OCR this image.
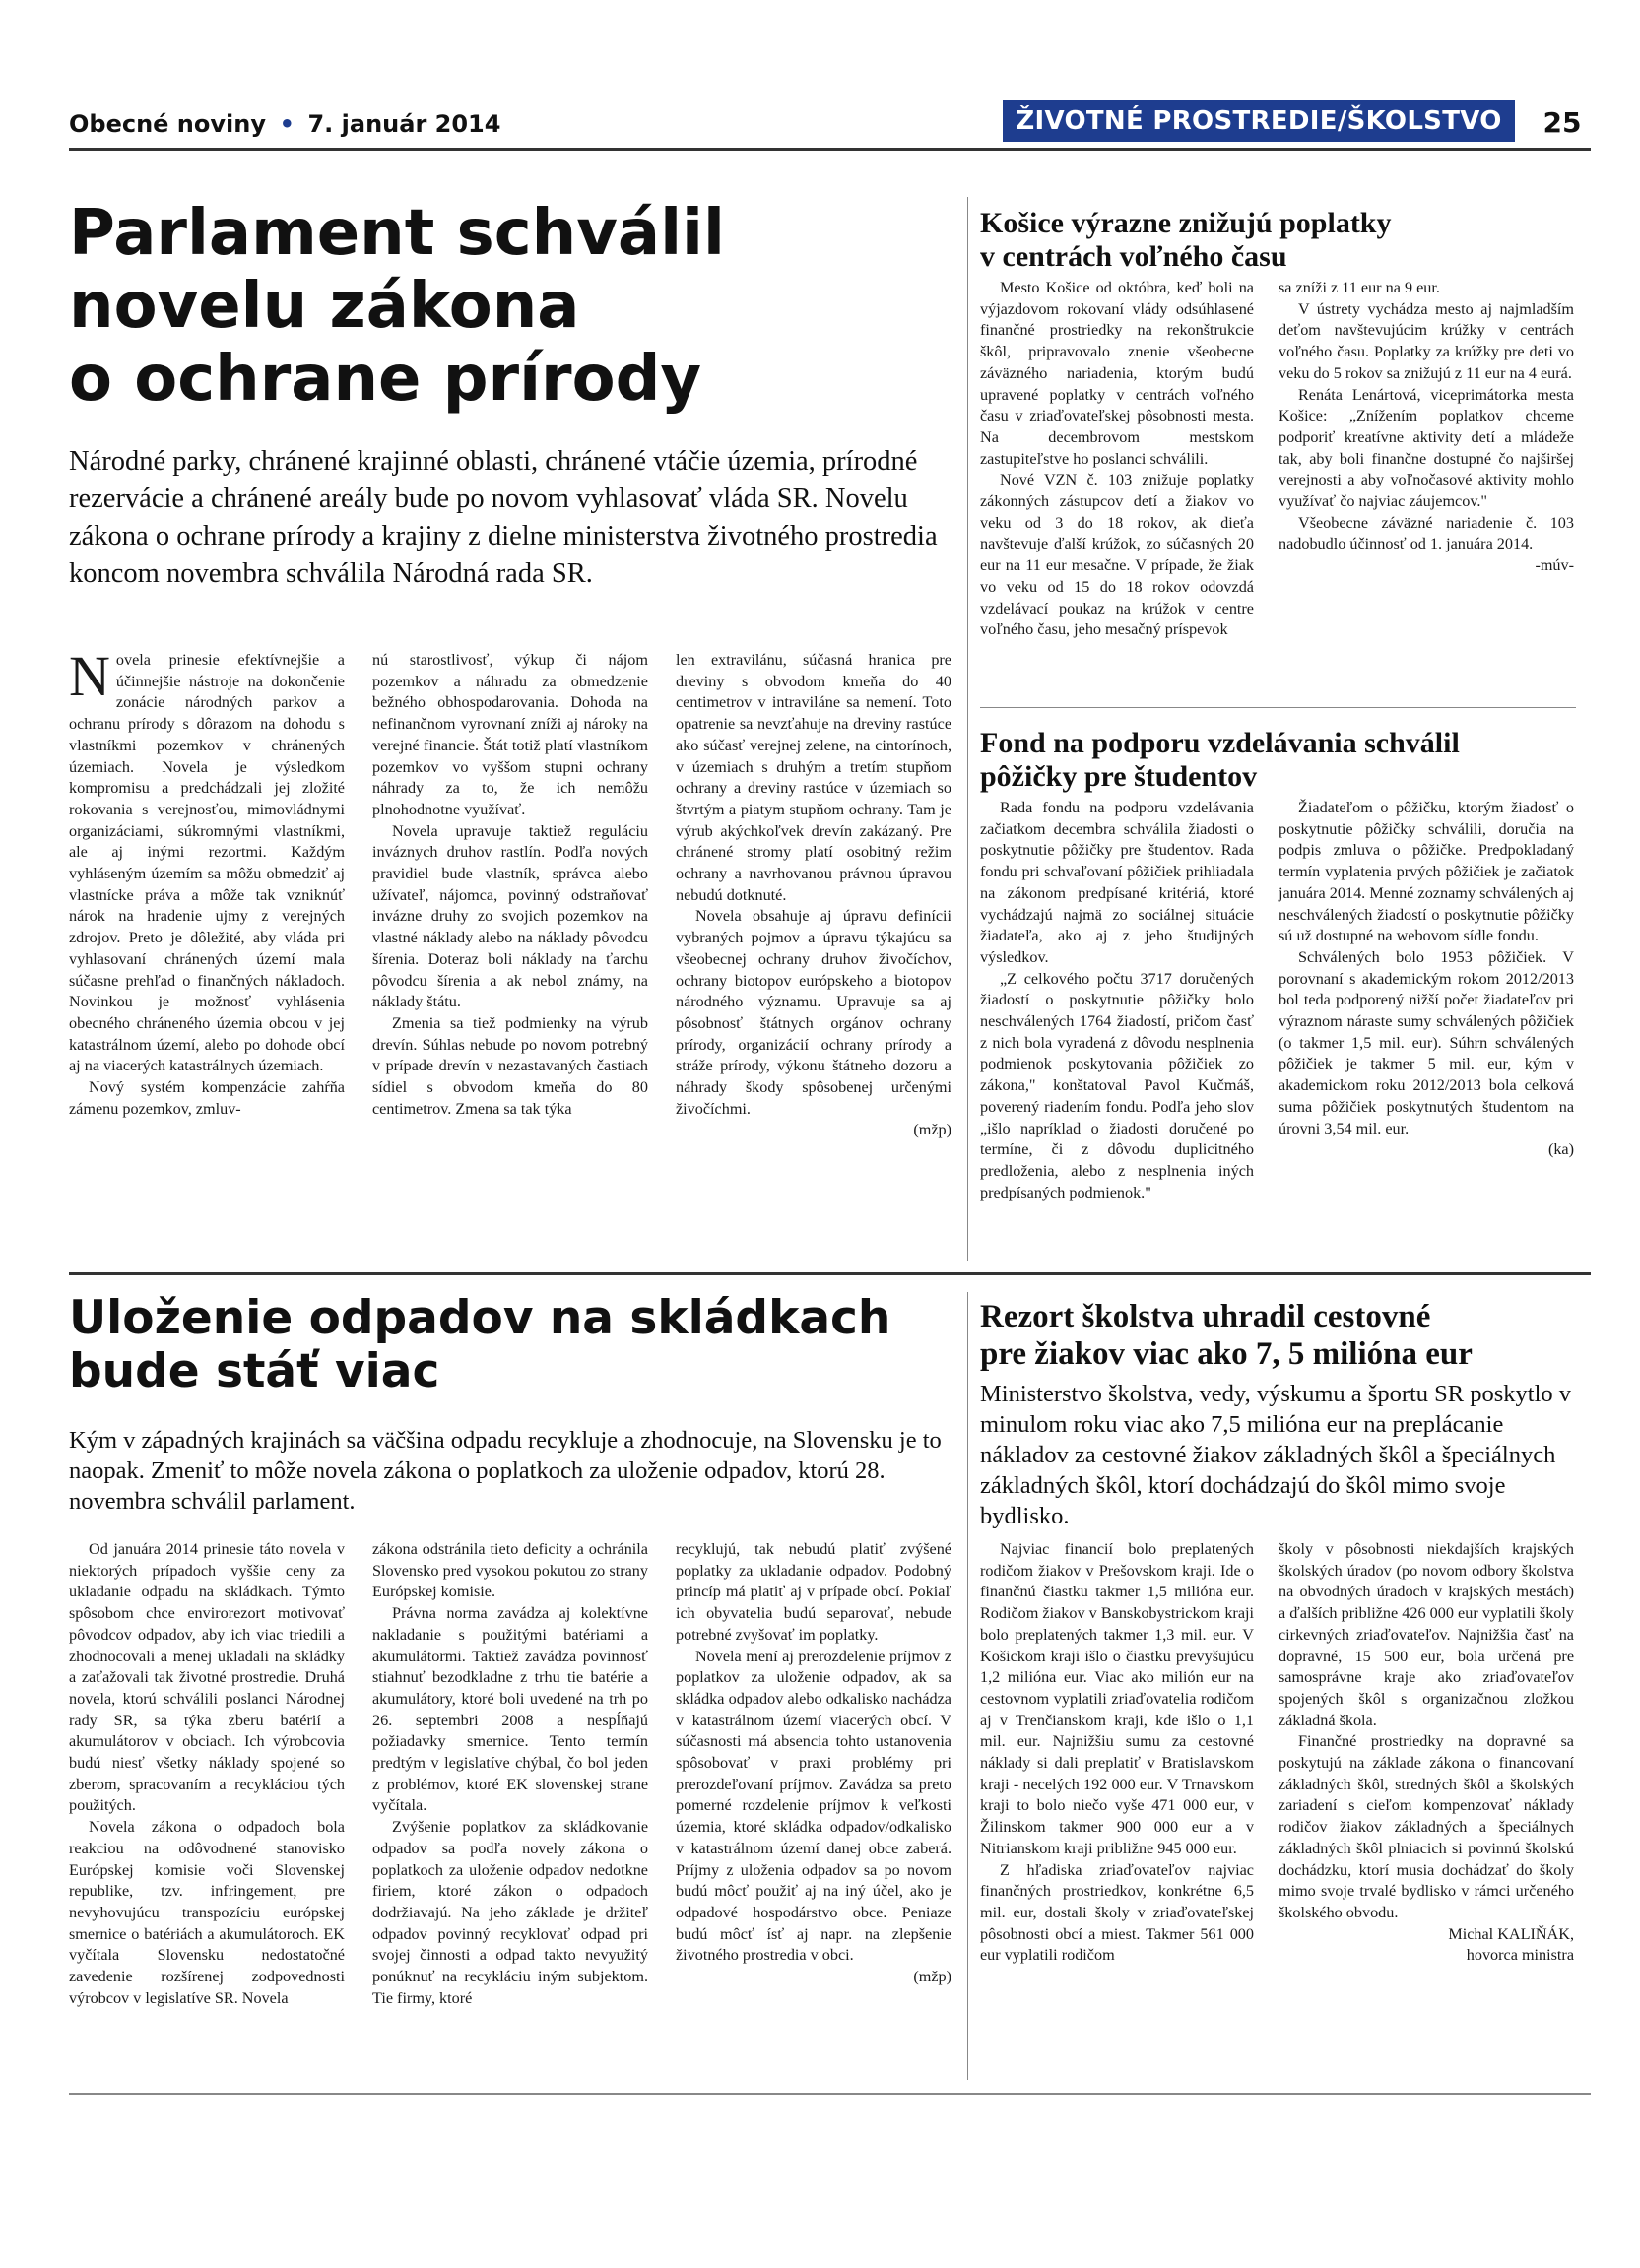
Obecné noviny • 7. január 2014	ŽIVOTNÉ PROSTREDIE/ŠKOLSTVO	25
Parlament schválil
novelu zákona
o ochrane prírody
Národné parky, chránené krajinné oblasti, chránené vtáčie územia, prírodné rezervácie a chránené areály bude po novom vyhlasovať vláda SR. Novelu zákona o ochrane prírody a krajiny z dielne ministerstva životného prostredia koncom novembra schválila Národná rada SR.

Novela prinesie efektívnejšie a účinnejšie nástroje na dokončenie zonácie národných parkov a ochranu prírody s dôrazom na dohodu s vlastníkmi pozemkov v chránených územiach. Novela je výsledkom kompromisu a predchádzali jej zložité rokovania s verejnosťou, mimovládnymi organizáciami, súkromnými vlastníkmi, ale aj inými rezortmi. Každým vyhláseným územím sa môžu obmedziť aj vlastnícke práva a môže tak vzniknúť nárok na hradenie ujmy z verejných zdrojov. Preto je dôležité, aby vláda pri vyhlasovaní chránených území mala súčasne prehľad o finančných nákladoch. Novinkou je možnosť vyhlásenia obecného chráneného územia obcou v jej katastrálnom území, alebo po dohode obcí aj na viacerých katastrálnych územiach.

Nový systém kompenzácie zahŕňa zámenu pozemkov, zmluv-

nú starostlivosť, výkup či nájom pozemkov a náhradu za obmedzenie bežného obhospodarovania. Dohoda na nefinančnom vyrovnaní zníži aj nároky na verejné financie. Štát totiž platí vlastníkom pozemkov vo vyššom stupni ochrany náhrady za to, že ich nemôžu plnohodnotne využívať.

Novela upravuje taktiež reguláciu inváznych druhov rastlín. Podľa nových pravidiel bude vlastník, správca alebo užívateľ, nájomca, povinný odstraňovať invázne druhy zo svojich pozemkov na vlastné náklady alebo na náklady pôvodcu šírenia. Doteraz boli náklady na ťarchu pôvodcu šírenia a ak nebol známy, na náklady štátu.

Zmenia sa tiež podmienky na výrub drevín. Súhlas nebude po novom potrebný v prípade drevín v nezastavaných častiach sídiel s obvodom kmeňa do 80 centimetrov. Zmena sa tak týka

len extravilánu, súčasná hranica pre dreviny s obvodom kmeňa do 40 centimetrov v intraviláne sa nemení. Toto opatrenie sa nevzťahuje na dreviny rastúce ako súčasť verejnej zelene, na cintorínoch, v územiach s druhým a tretím stupňom ochrany a dreviny rastúce v územiach so štvrtým a piatym stupňom ochrany. Tam je výrub akýchkoľvek drevín zakázaný. Pre chránené stromy platí osobitný režim ochrany a navrhovanou právnou úpravou nebudú dotknuté.

Novela obsahuje aj úpravu definícii vybraných pojmov a úpravu týkajúcu sa všeobecnej ochrany druhov živočíchov, ochrany biotopov európskeho a biotopov národného významu. Upravuje sa aj pôsobnosť štátnych orgánov ochrany prírody, organizácií ochrany prírody a stráže prírody, výkonu štátneho dozoru a náhrady škody spôsobenej určenými živočíchmi.

(mžp)

Košice výrazne znižujú poplatky
v centrách voľného času

Mesto Košice od októbra, keď boli na výjazdovom rokovaní vlády odsúhlasené finančné prostriedky na rekonštrukcie škôl, pripravovalo znenie všeobecne záväzného nariadenia, ktorým budú upravené poplatky v centrách voľného času v zriaďovateľskej pôsobnosti mesta. Na decembrovom mestskom zastupiteľstve ho poslanci schválili.

Nové VZN č. 103 znižuje poplatky zákonných zástupcov detí a žiakov vo veku od 3 do 18 rokov, ak dieťa navštevuje ďalší krúžok, zo súčasných 20 eur na 11 eur mesačne. V prípade, že žiak vo veku od 15 do 18 rokov odovzdá vzdelávací poukaz na krúžok v centre voľného času, jeho mesačný príspevok

sa zníži z 11 eur na 9 eur.

V ústrety vychádza mesto aj najmladším deťom navštevujúcim krúžky v centrách voľného času. Poplatky za krúžky pre deti vo veku do 5 rokov sa znižujú z 11 eur na 4 eurá.

Renáta Lenártová, viceprimátorka mesta Košice: „Znížením poplatkov chceme podporiť kreatívne aktivity detí a mládeže tak, aby boli finančne dostupné čo najširšej verejnosti a aby voľnočasové aktivity mohlo využívať čo najviac záujemcov."

Všeobecne záväzné nariadenie č. 103 nadobudlo účinnosť od 1. januára 2014.

-múv-

Fond na podporu vzdelávania schválil
pôžičky pre študentov

Rada fondu na podporu vzdelávania začiatkom decembra schválila žiadosti o poskytnutie pôžičky pre študentov. Rada fondu pri schvaľovaní pôžičiek prihliadala na zákonom predpísané kritériá, ktoré vychádzajú najmä zo sociálnej situácie žiadateľa, ako aj z jeho študijných výsledkov.

„Z celkového počtu 3717 doručených žiadostí o poskytnutie pôžičky bolo neschválených 1764 žiadostí, pričom časť z nich bola vyradená z dôvodu nesplnenia podmienok poskytovania pôžičiek zo zákona," konštatoval Pavol Kučmáš, poverený riadením fondu. Podľa jeho slov „išlo napríklad o žiadosti doručené po termíne, či z dôvodu duplicitného predloženia, alebo z nesplnenia iných predpísaných podmienok."

Žiadateľom o pôžičku, ktorým žiadosť o poskytnutie pôžičky schválili, doručia na podpis zmluva o pôžičke. Predpokladaný termín vyplatenia prvých pôžičiek je začiatok januára 2014. Menné zoznamy schválených aj neschválených žiadostí o poskytnutie pôžičky sú už dostupné na webovom sídle fondu.

Schválených bolo 1953 pôžičiek. V porovnaní s akademickým rokom 2012/2013 bol teda podporený nižší počet žiadateľov pri výraznom náraste sumy schválených pôžičiek (o takmer 1,5 mil. eur). Súhrn schválených pôžičiek je takmer 5 mil. eur, kým v akademickom roku 2012/2013 bola celková suma pôžičiek poskytnutých študentom na úrovni 3,54 mil. eur.

(ka)

Uloženie odpadov na skládkach
bude stáť viac
Kým v západných krajinách sa väčšina odpadu recykluje a zhodnocuje, na Slovensku je to naopak. Zmeniť to môže novela zákona o poplatkoch za uloženie odpadov, ktorú 28. novembra schválil parlament.

Od januára 2014 prinesie táto novela v niektorých prípadoch vyššie ceny za ukladanie odpadu na skládkach. Týmto spôsobom chce envirorezort motivovať pôvodcov odpadov, aby ich viac triedili a zhodnocovali a menej ukladali na skládky a zaťažovali tak životné prostredie. Druhá novela, ktorú schválili poslanci Národnej rady SR, sa týka zberu batérií a akumulátorov v obciach. Ich výrobcovia budú niesť všetky náklady spojené so zberom, spracovaním a recykláciou tých použitých.

Novela zákona o odpadoch bola reakciou na odôvodnené stanovisko Európskej komisie voči Slovenskej republike, tzv. infringement, pre nevyhovujúcu transpozíciu európskej smernice o batériách a akumulátoroch. EK vyčítala Slovensku nedostatočné zavedenie rozšírenej zodpovednosti výrobcov v legislatíve SR. Novela

zákona odstránila tieto deficity a ochránila Slovensko pred vysokou pokutou zo strany Európskej komisie.

Právna norma zavádza aj kolektívne nakladanie s použitými batériami a akumulátormi. Taktiež zavádza povinnosť stiahnuť bezodkladne z trhu tie batérie a akumulátory, ktoré boli uvedené na trh po 26. septembri 2008 a nespĺňajú požiadavky smernice. Tento termín predtým v legislatíve chýbal, čo bol jeden z problémov, ktoré EK slovenskej strane vyčítala.

Zvýšenie poplatkov za skládkovanie odpadov sa podľa novely zákona o poplatkoch za uloženie odpadov nedotkne firiem, ktoré zákon o odpadoch dodržiavajú. Na jeho základe je držiteľ odpadov povinný recyklovať odpad pri svojej činnosti a odpad takto nevyužitý ponúknuť na recykláciu iným subjektom. Tie firmy, ktoré

recyklujú, tak nebudú platiť zvýšené poplatky za ukladanie odpadov. Podobný princíp má platiť aj v prípade obcí. Pokiaľ ich obyvatelia budú separovať, nebude potrebné zvyšovať im poplatky.

Novela mení aj prerozdelenie príjmov z poplatkov za uloženie odpadov, ak sa skládka odpadov alebo odkalisko nachádza v katastrálnom území viacerých obcí. V súčasnosti má absencia tohto ustanovenia spôsobovať v praxi problémy pri prerozdeľovaní príjmov. Zavádza sa preto pomerné rozdelenie príjmov k veľkosti územia, ktoré skládka odpadov/odkalisko v katastrálnom území danej obce zaberá. Príjmy z uloženia odpadov sa po novom budú môcť použiť aj na iný účel, ako je odpadové hospodárstvo obce. Peniaze budú môcť ísť aj napr. na zlepšenie životného prostredia v obci.

(mžp)

Rezort školstva uhradil cestovné
pre žiakov viac ako 7, 5 milióna eur
Ministerstvo školstva, vedy, výskumu a športu SR poskytlo v minulom roku viac ako 7,5 milióna eur na preplácanie nákladov za cestovné žiakov základných škôl a špeciálnych základných škôl, ktorí dochádzajú do škôl mimo svoje bydlisko.

Najviac financií bolo preplatených rodičom žiakov v Prešovskom kraji. Ide o finančnú čiastku takmer 1,5 milióna eur. Rodičom žiakov v Banskobystrickom kraji bolo preplatených takmer 1,3 mil. eur. V Košickom kraji išlo o čiastku prevyšujúcu 1,2 milióna eur. Viac ako milión eur na cestovnom vyplatili zriaďovatelia rodičom aj v Trenčianskom kraji, kde išlo o 1,1 mil. eur. Najnižšiu sumu za cestovné náklady si dali preplatiť v Bratislavskom kraji - necelých 192 000 eur. V Trnavskom kraji to bolo niečo vyše 471 000 eur, v Žilinskom takmer 900 000 eur a v Nitrianskom kraji približne 945 000 eur.

Z hľadiska zriaďovateľov najviac finančných prostriedkov, konkrétne 6,5 mil. eur, dostali školy v zriaďovateľskej pôsobnosti obcí a miest. Takmer 561 000 eur vyplatili rodičom

školy v pôsobnosti niekdajších krajských školských úradov (po novom odbory školstva na obvodných úradoch v krajských mestách) a ďalších približne 426 000 eur vyplatili školy cirkevných zriaďovateľov. Najnižšia časť na dopravné, 15 500 eur, bola určená pre samosprávne kraje ako zriaďovateľov spojených škôl s organizačnou zložkou základná škola.

Finančné prostriedky na dopravné sa poskytujú na základe zákona o financovaní základných škôl, stredných škôl a školských zariadení s cieľom kompenzovať náklady rodičov žiakov základných a špeciálnych základných škôl plniacich si povinnú školskú dochádzku, ktorí musia dochádzať do školy mimo svoje trvalé bydlisko v rámci určeného školského obvodu.

Michal KALIŇÁK,

hovorca ministra
